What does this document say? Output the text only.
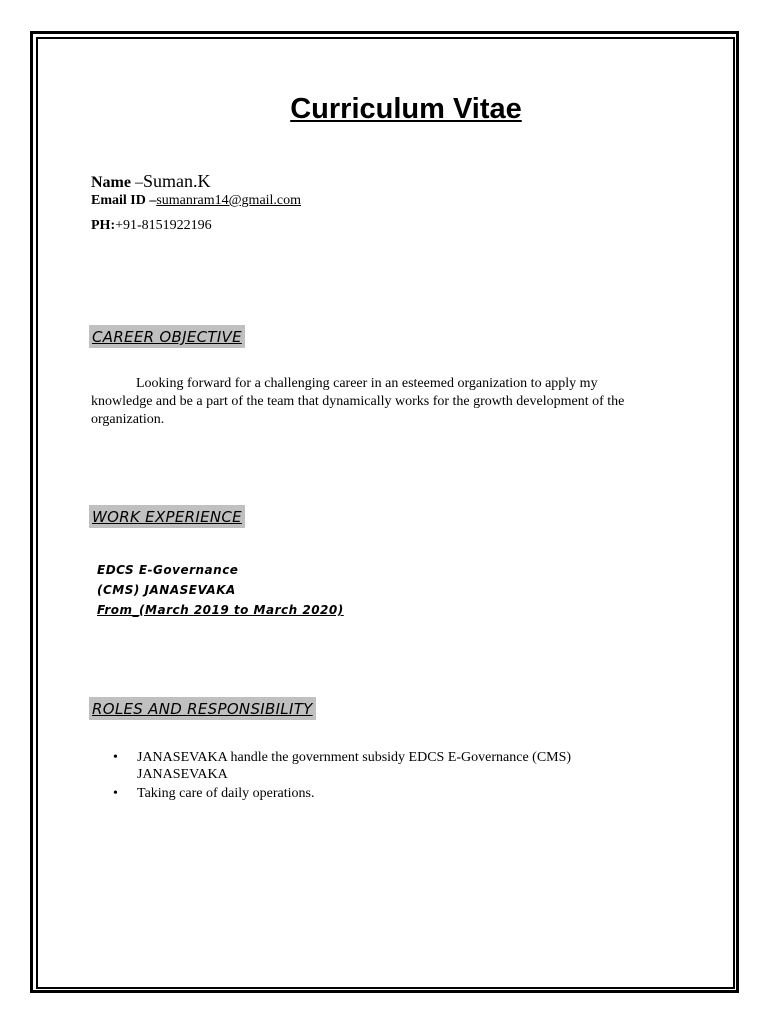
Curriculum Vitae
Name –Suman.K
Email ID –sumanram14@gmail.com
PH:+91-8151922196
CAREER OBJECTIVE
Looking forward for a challenging career in an esteemed organization to apply my knowledge and be a part of the team that dynamically works for the growth development of the organization.
WORK EXPERIENCE
EDCS E-Governance
(CMS) JANASEVAKA
From_(March 2019 to March 2020)
ROLES AND RESPONSIBILITY
• JANASEVAKA handle the government subsidy EDCS E-Governance (CMS) JANASEVAKA
• Taking care of daily operations.
